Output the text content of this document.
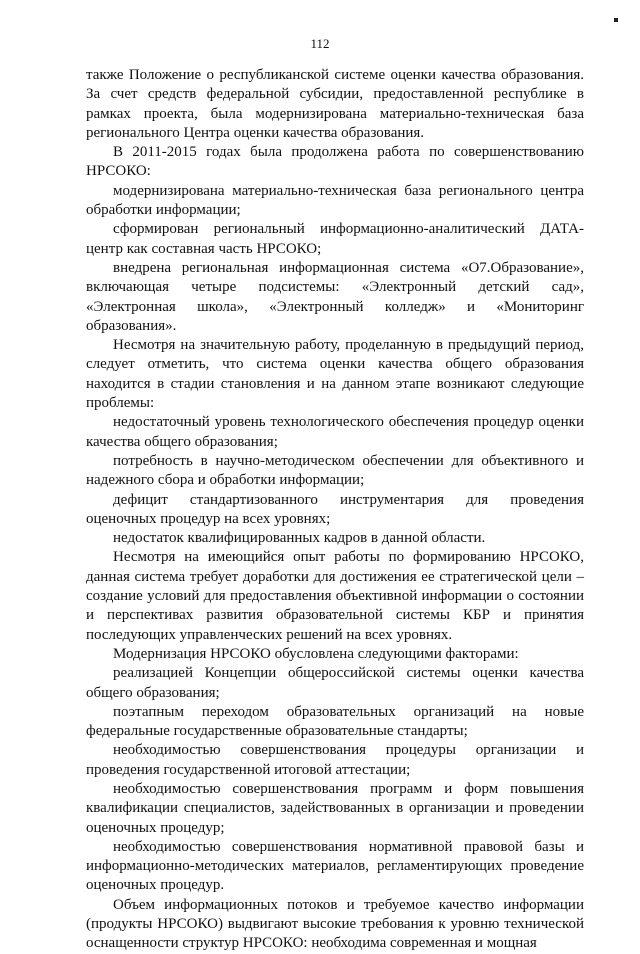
112

также Положение о республиканской системе оценки качества образования. За счет средств федеральной субсидии, предоставленной республике в рамках проекта, была модернизирована материально-техническая база регионального Центра оценки качества образования.

В 2011-2015 годах была продолжена работа по совершенствованию НРСОКО:

модернизирована материально-техническая база регионального центра обработки информации;

сформирован региональный информационно-аналитический ДАТА-центр как составная часть НРСОКО;

внедрена региональная информационная система «О7.Образование», включающая четыре подсистемы: «Электронный детский сад», «Электронная школа», «Электронный колледж» и «Мониторинг образования».

Несмотря на значительную работу, проделанную в предыдущий период, следует отметить, что система оценки качества общего образования находится в стадии становления и на данном этапе возникают следующие проблемы:

недостаточный уровень технологического обеспечения процедур оценки качества общего образования;

потребность в научно-методическом обеспечении для объективного и надежного сбора и обработки информации;

дефицит стандартизованного инструментария для проведения оценочных процедур на всех уровнях;

недостаток квалифицированных кадров в данной области.

Несмотря на имеющийся опыт работы по формированию НРСОКО, данная система требует доработки для достижения ее стратегической цели – создание условий для предоставления объективной информации о состоянии и перспективах развития образовательной системы КБР и принятия последующих управленческих решений на всех уровнях.

Модернизация НРСОКО обусловлена следующими факторами:

реализацией Концепции общероссийской системы оценки качества общего образования;

поэтапным переходом образовательных организаций на новые федеральные государственные образовательные стандарты;

необходимостью совершенствования процедуры организации и проведения государственной итоговой аттестации;

необходимостью совершенствования программ и форм повышения квалификации специалистов, задействованных в организации и проведении оценочных процедур;

необходимостью совершенствования нормативной правовой базы и информационно-методических материалов, регламентирующих проведение оценочных процедур.

Объем информационных потоков и требуемое качество информации (продукты НРСОКО) выдвигают высокие требования к уровню технической оснащенности структур НРСОКО: необходима современная и мощная
